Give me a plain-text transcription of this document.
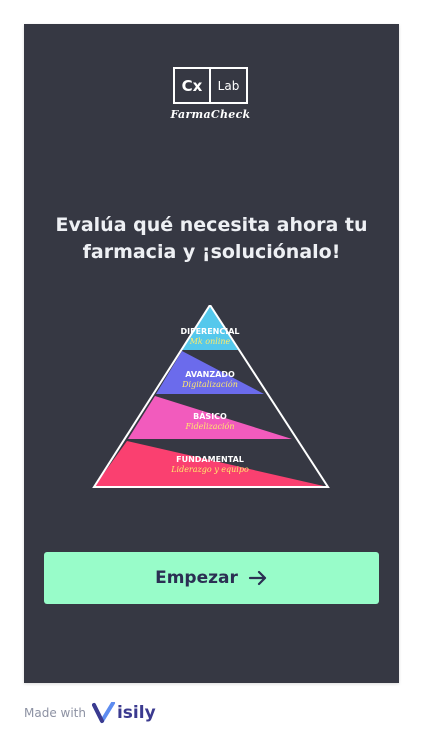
Cx	Lab
FarmaCheck
Evalúa qué necesita ahora tu farmacia y ¡soluciónalo!
DIFERENCIAL
Mk online
AVANZADO
Digitalización
BÁSICO
Fidelización
FUNDAMENTAL
Liderazgo y equipo
Empezar
Made with isily
